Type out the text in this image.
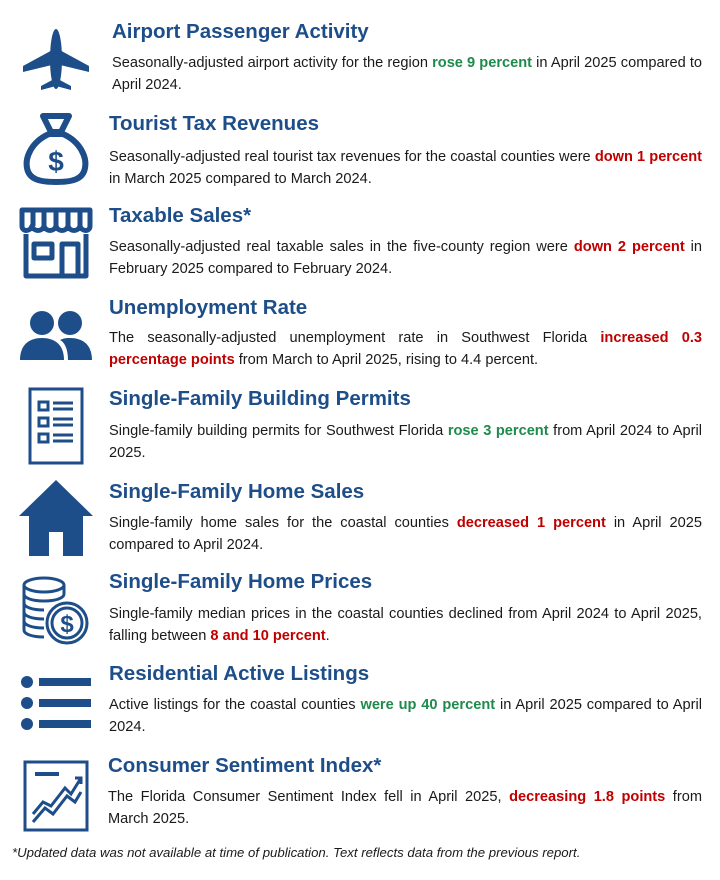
Airport Passenger Activity
Seasonally-adjusted airport activity for the region rose 9 percent in April 2025 compared to April 2024.
$
Tourist Tax Revenues
Seasonally-adjusted real tourist tax revenues for the coastal counties were down 1 percent in March 2025 compared to March 2024.
Taxable Sales*
Seasonally-adjusted real taxable sales in the five-county region were down 2 percent in February 2025 compared to February 2024.
Unemployment Rate
The seasonally-adjusted unemployment rate in Southwest Florida increased 0.3 percentage points from March to April 2025, rising to 4.4 percent.
Single-Family Building Permits
Single-family building permits for Southwest Florida rose 3 percent from April 2024 to April 2025.
Single-Family Home Sales
Single-family home sales for the coastal counties decreased 1 percent in April 2025 compared to April 2024.
$
Single-Family Home Prices
Single-family median prices in the coastal counties declined from April 2024 to April 2025, falling between 8 and 10 percent.
Residential Active Listings
Active listings for the coastal counties were up 40 percent in April 2025 compared to April 2024.
Consumer Sentiment Index*
The Florida Consumer Sentiment Index fell in April 2025, decreasing 1.8 points from March 2025.
*Updated data was not available at time of publication. Text reflects data from the previous report.
